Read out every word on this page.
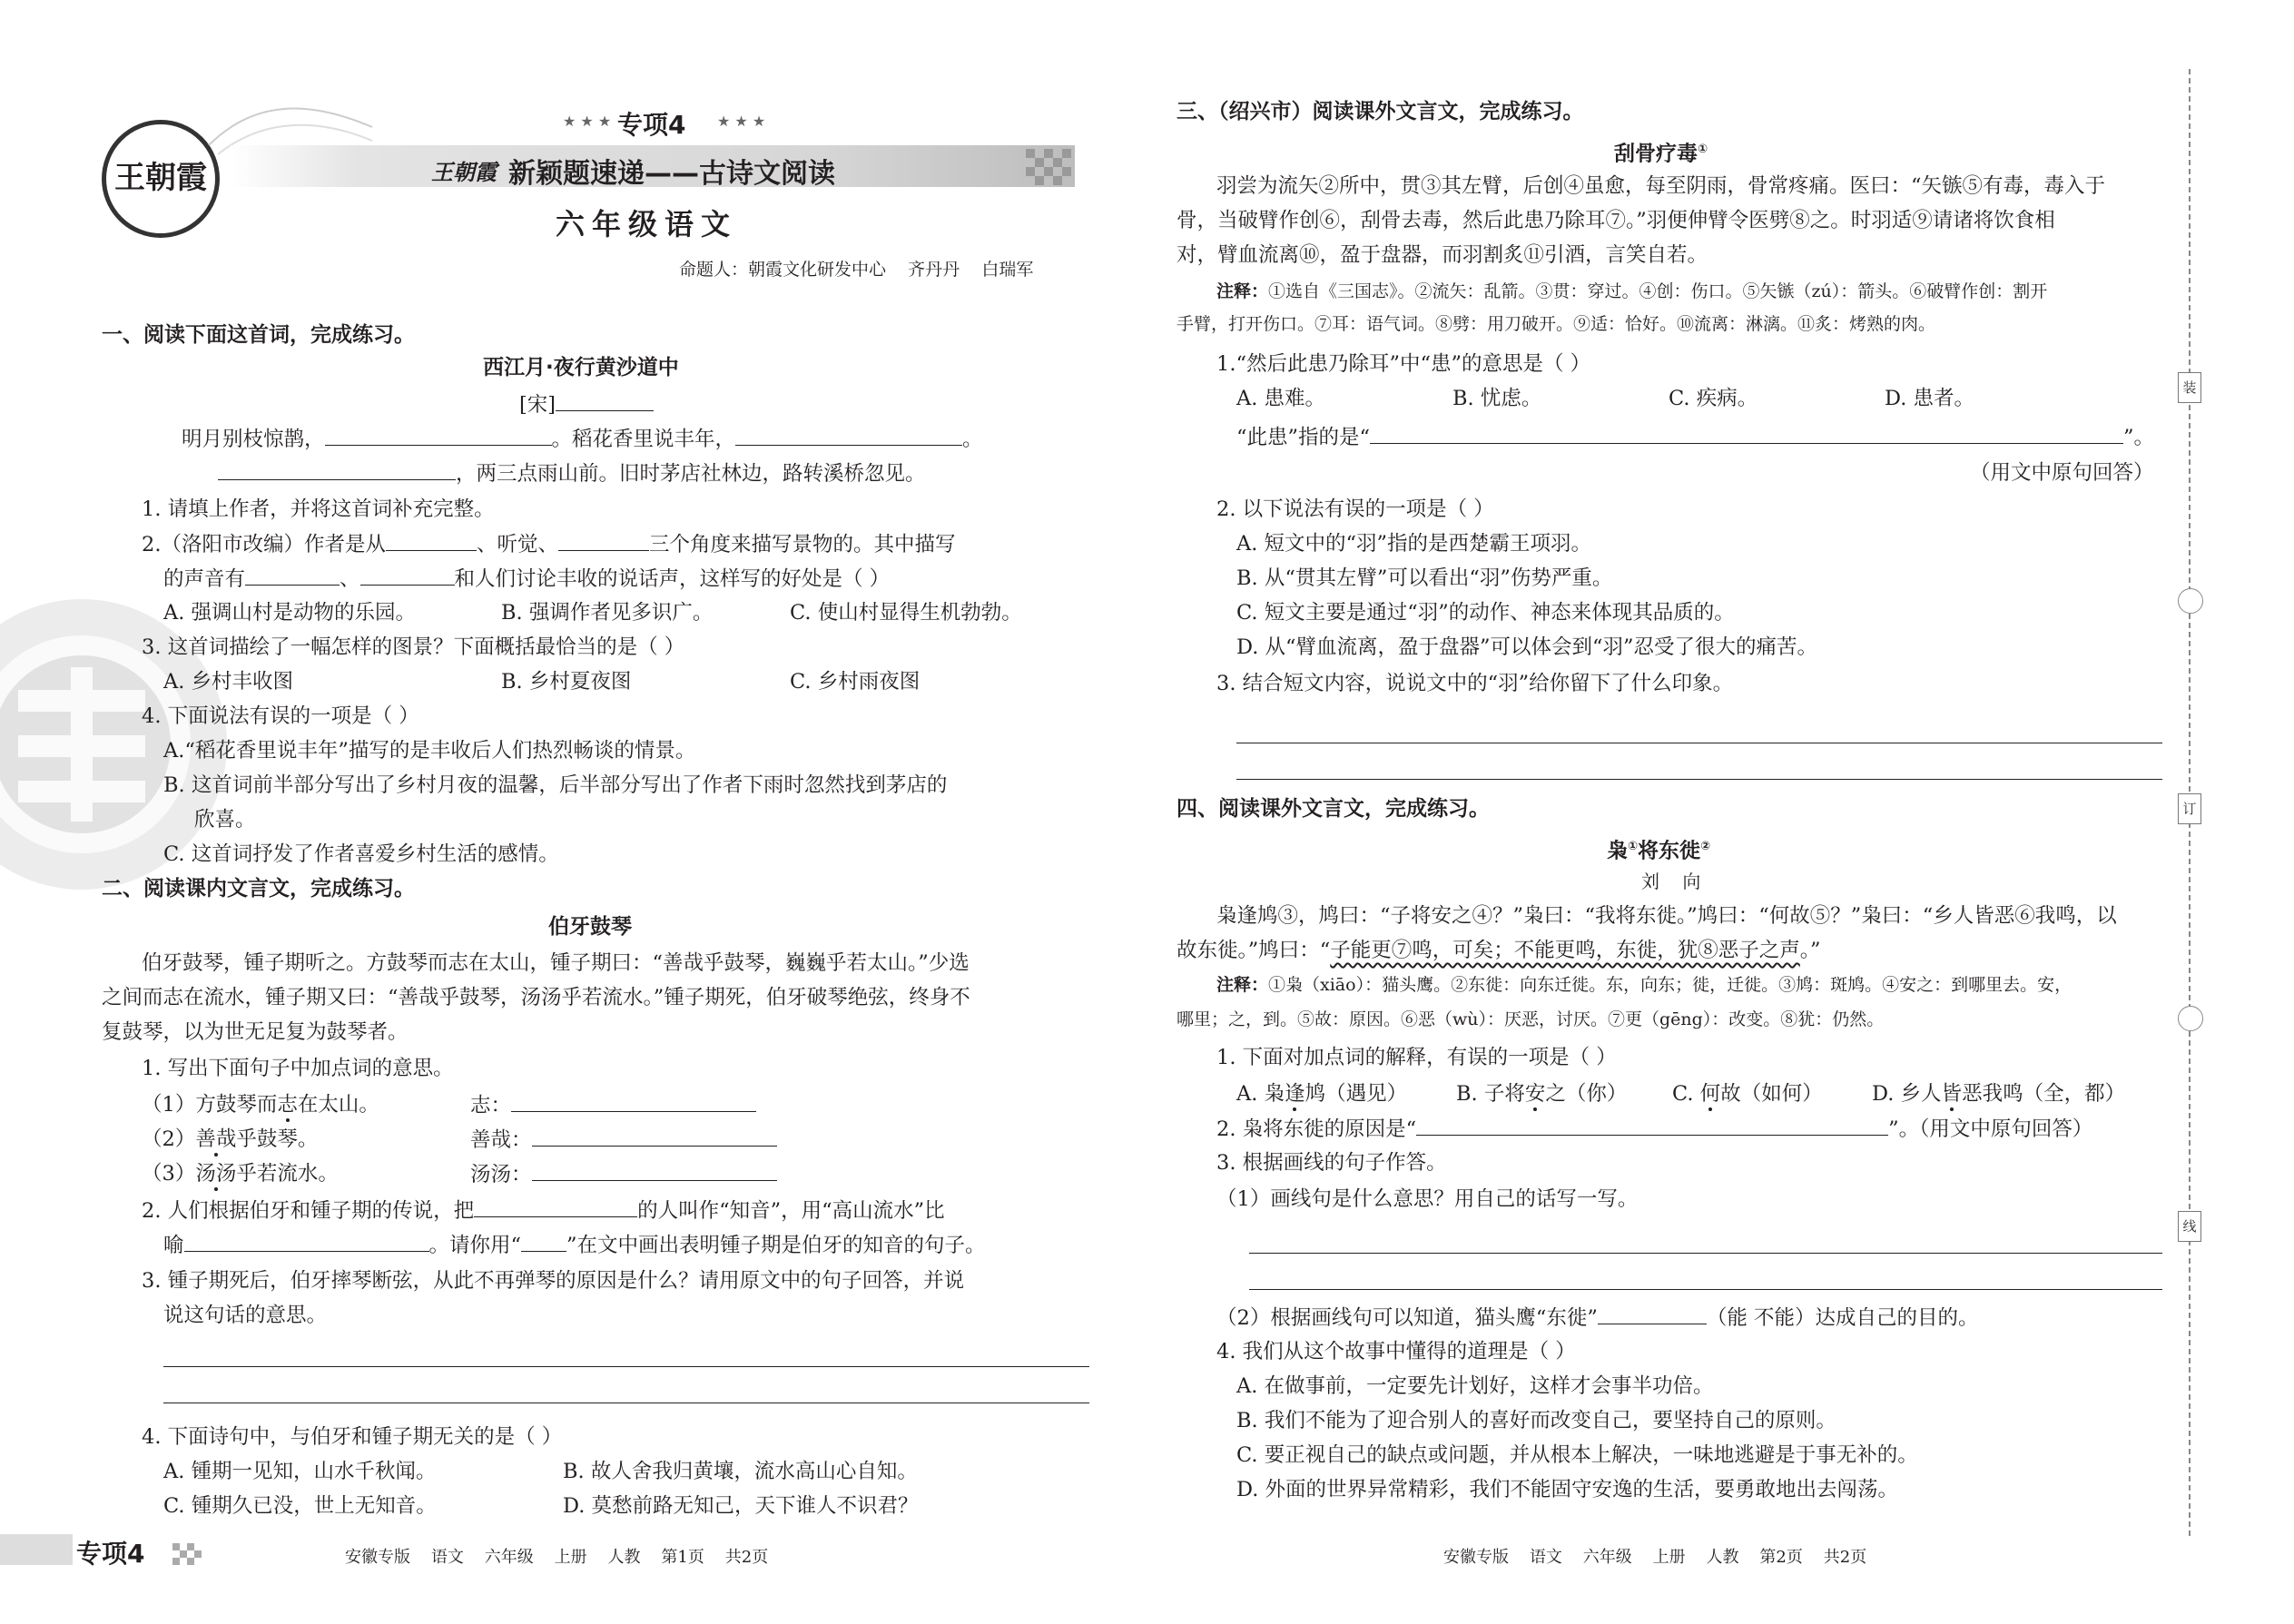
王朝霞
★ ★ ★ 专项4 ★ ★ ★
王朝霞 新颖题速递——古诗文阅读
六年级语文
命题人：朝霞文化研发中心    齐丹丹    白瑞军
一、阅读下面这首词，完成练习。
西江月·夜行黄沙道中
[宋]
明月别枝惊鹊，	。稻花香里说丰年，	。
，两三点雨山前。旧时茅店社林边，路转溪桥忽见。
1. 请填上作者，并将这首词补充完整。
2.（洛阳市改编）作者是从	、听觉、	三个角度来描写景物的。其中描写
的声音有	、	和人们讨论丰收的说话声，这样写的好处是（ ）
A. 强调山村是动物的乐园。	B. 强调作者见多识广。	C. 使山村显得生机勃勃。
3. 这首词描绘了一幅怎样的图景？下面概括最恰当的是（ ）
A. 乡村丰收图	B. 乡村夏夜图	C. 乡村雨夜图
4. 下面说法有误的一项是（ ）
A.“稻花香里说丰年”描写的是丰收后人们热烈畅谈的情景。
B. 这首词前半部分写出了乡村月夜的温馨，后半部分写出了作者下雨时忽然找到茅店的
欣喜。
C. 这首词抒发了作者喜爱乡村生活的感情。
二、阅读课内文言文，完成练习。
伯牙鼓琴
伯牙鼓琴，锺子期听之。方鼓琴而志在太山，锺子期曰：“善哉乎鼓琴，巍巍乎若太山。”少选
之间而志在流水，锺子期又曰：“善哉乎鼓琴，汤汤乎若流水。”锺子期死，伯牙破琴绝弦，终身不
复鼓琴，以为世无足复为鼓琴者。
1. 写出下面句子中加点词的意思。
（1）方鼓琴而志在太山。	志：
（2）善哉乎鼓琴。	善哉：
（3）汤汤乎若流水。	汤汤：
2. 人们根据伯牙和锺子期的传说，把	的人叫作“知音”，用“高山流水”比
喻	。请你用“ ”在文中画出表明锺子期是伯牙的知音的句子。
3. 锺子期死后，伯牙摔琴断弦，从此不再弹琴的原因是什么？请用原文中的句子回答，并说
说这句话的意思。
4. 下面诗句中，与伯牙和锺子期无关的是（ ）
A. 锺期一见知，山水千秋闻。	B. 故人舍我归黄壤，流水高山心自知。
C. 锺期久已没，世上无知音。	D. 莫愁前路无知己，天下谁人不识君？
专项4	安徽专版    语文    六年级    上册    人教    第1页    共2页
三、（绍兴市）阅读课外文言文，完成练习。
刮骨疗毒①
羽尝为流矢②所中，贯③其左臂，后创④虽愈，每至阴雨，骨常疼痛。医曰：“矢镞⑤有毒，毒入于
骨，当破臂作创⑥，刮骨去毒，然后此患乃除耳⑦。”羽便伸臂令医劈⑧之。时羽适⑨请诸将饮食相
对，臂血流离⑩，盈于盘器，而羽割炙⑪引酒，言笑自若。
注释：①选自《三国志》。②流矢：乱箭。③贯：穿过。④创：伤口。⑤矢镞（zú）：箭头。⑥破臂作创：割开
手臂，打开伤口。⑦耳：语气词。⑧劈：用刀破开。⑨适：恰好。⑩流离：淋漓。⑪炙：烤熟的肉。
1.“然后此患乃除耳”中“患”的意思是（ ）
A. 患难。	B. 忧虑。	C. 疾病。	D. 患者。
“此患”指的是“	”。
（用文中原句回答）
2. 以下说法有误的一项是（ ）
A. 短文中的“羽”指的是西楚霸王项羽。
B. 从“贯其左臂”可以看出“羽”伤势严重。
C. 短文主要是通过“羽”的动作、神态来体现其品质的。
D. 从“臂血流离，盈于盘器”可以体会到“羽”忍受了很大的痛苦。
3. 结合短文内容，说说文中的“羽”给你留下了什么印象。
四、阅读课外文言文，完成练习。
枭①将东徙②
刘    向
枭逢鸠③，鸠曰：“子将安之④？”枭曰：“我将东徙。”鸠曰：“何故⑤？”枭曰：“乡人皆恶⑥我鸣，以
故东徙。”鸠曰：“子能更⑦鸣，可矣；不能更鸣，东徙，犹⑧恶子之声。”
注释：①枭（xiāo）：猫头鹰。②东徙：向东迁徙。东，向东；徙，迁徙。③鸠：斑鸠。④安之：到哪里去。安，
哪里；之，到。⑤故：原因。⑥恶（wù）：厌恶，讨厌。⑦更（gēng）：改变。⑧犹：仍然。
1. 下面对加点词的解释，有误的一项是（ ）
A. 枭逢鸠（遇见） B. 子将安之（你） C. 何故（如何） D. 乡人皆恶我鸣（全，都）
2. 枭将东徙的原因是“	”。（用文中原句回答）
3. 根据画线的句子作答。
（1）画线句是什么意思？用自己的话写一写。
（2）根据画线句可以知道，猫头鹰“东徙”	（能 不能）达成自己的目的。
4. 我们从这个故事中懂得的道理是（ ）
A. 在做事前，一定要先计划好，这样才会事半功倍。
B. 我们不能为了迎合别人的喜好而改变自己，要坚持自己的原则。
C. 要正视自己的缺点或问题，并从根本上解决，一味地逃避是于事无补的。
D. 外面的世界异常精彩，我们不能固守安逸的生活，要勇敢地出去闯荡。
安徽专版    语文    六年级    上册    人教    第2页    共2页
装
订
线
